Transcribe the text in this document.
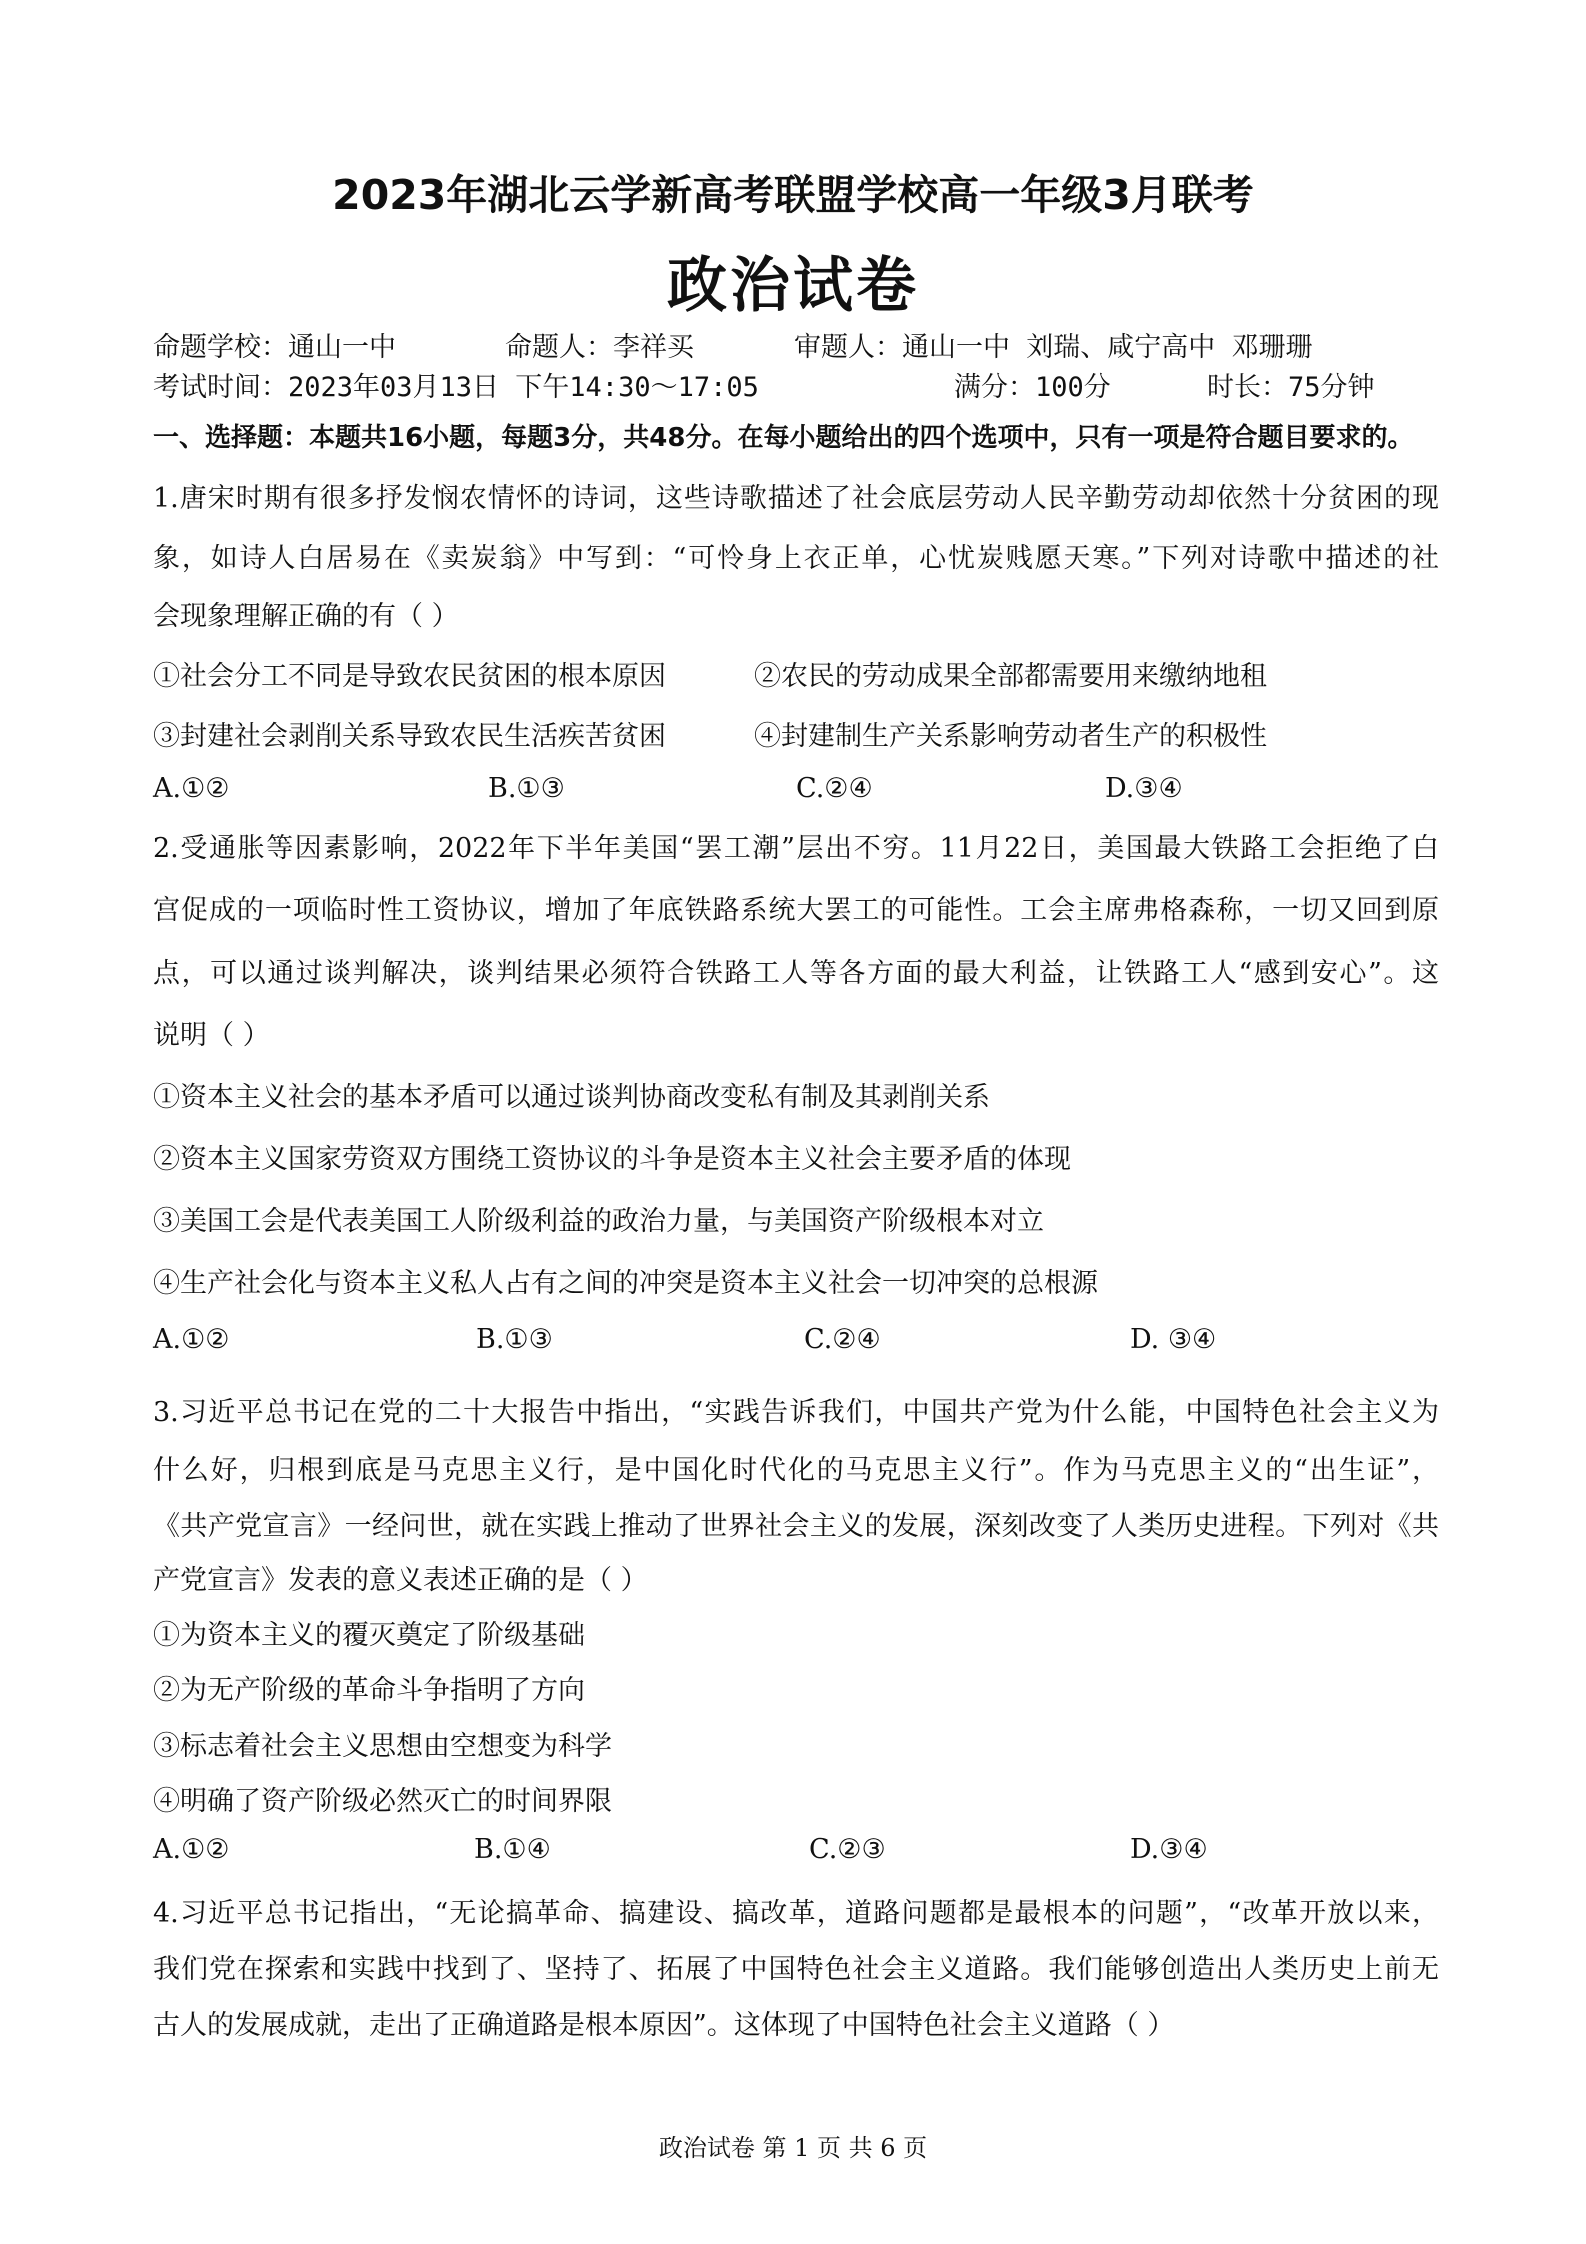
2023年湖北云学新高考联盟学校高一年级3月联考
政治试卷
命题学校：通山一中	命题人：李祥买	审题人：通山一中 刘瑞、咸宁高中 邓珊珊
考试时间：2023年03月13日 下午14:30～17:05	满分：100分	时长：75分钟
一、选择题：本题共16小题，每题3分，共48分。在每小题给出的四个选项中，只有一项是符合题目要求的。
1.唐宋时期有很多抒发悯农情怀的诗词，这些诗歌描述了社会底层劳动人民辛勤劳动却依然十分贫困的现
象，如诗人白居易在《卖炭翁》中写到：“可怜身上衣正单，心忧炭贱愿天寒。”下列对诗歌中描述的社
会现象理解正确的有（ ）
①社会分工不同是导致农民贫困的根本原因	②农民的劳动成果全部都需要用来缴纳地租
③封建社会剥削关系导致农民生活疾苦贫困	④封建制生产关系影响劳动者生产的积极性
A.①②	B.①③	C.②④	D.③④
2.受通胀等因素影响，2022年下半年美国“罢工潮”层出不穷。11月22日，美国最大铁路工会拒绝了白
宫促成的一项临时性工资协议，增加了年底铁路系统大罢工的可能性。工会主席弗格森称，一切又回到原
点，可以通过谈判解决，谈判结果必须符合铁路工人等各方面的最大利益，让铁路工人“感到安心”。这
说明（ ）
①资本主义社会的基本矛盾可以通过谈判协商改变私有制及其剥削关系
②资本主义国家劳资双方围绕工资协议的斗争是资本主义社会主要矛盾的体现
③美国工会是代表美国工人阶级利益的政治力量，与美国资产阶级根本对立
④生产社会化与资本主义私人占有之间的冲突是资本主义社会一切冲突的总根源
A.①②	B.①③	C.②④	D. ③④
3.习近平总书记在党的二十大报告中指出，“实践告诉我们，中国共产党为什么能，中国特色社会主义为
什么好，归根到底是马克思主义行，是中国化时代化的马克思主义行”。作为马克思主义的“出生证”，
《共产党宣言》一经问世，就在实践上推动了世界社会主义的发展，深刻改变了人类历史进程。下列对《共
产党宣言》发表的意义表述正确的是（ ）
①为资本主义的覆灭奠定了阶级基础
②为无产阶级的革命斗争指明了方向
③标志着社会主义思想由空想变为科学
④明确了资产阶级必然灭亡的时间界限
A.①②	B.①④	C.②③	D.③④
4.习近平总书记指出，“无论搞革命、搞建设、搞改革，道路问题都是最根本的问题”，“改革开放以来，
我们党在探索和实践中找到了、坚持了、拓展了中国特色社会主义道路。我们能够创造出人类历史上前无
古人的发展成就，走出了正确道路是根本原因”。这体现了中国特色社会主义道路（ ）
政治试卷 第 1 页 共 6 页
